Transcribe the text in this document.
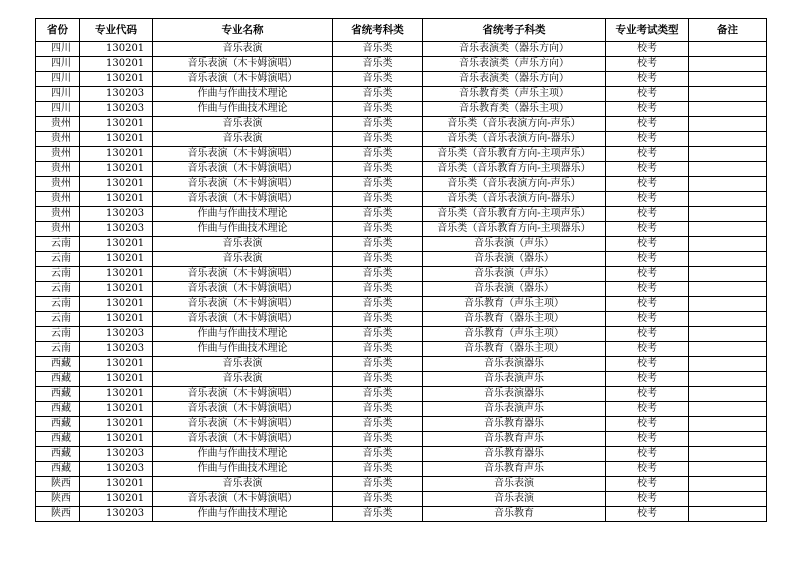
省份	专业代码	专业名称	省统考科类	省统考子科类	专业考试类型	备注
四川	130201	音乐表演	音乐类	音乐表演类（器乐方向）	校考	
四川	130201	音乐表演（木卡姆演唱）	音乐类	音乐表演类（声乐方向）	校考	
四川	130201	音乐表演（木卡姆演唱）	音乐类	音乐表演类（器乐方向）	校考	
四川	130203	作曲与作曲技术理论	音乐类	音乐教育类（声乐主项）	校考	
四川	130203	作曲与作曲技术理论	音乐类	音乐教育类（器乐主项）	校考	
贵州	130201	音乐表演	音乐类	音乐类（音乐表演方向-声乐）	校考	
贵州	130201	音乐表演	音乐类	音乐类（音乐表演方向-器乐）	校考	
贵州	130201	音乐表演（木卡姆演唱）	音乐类	音乐类（音乐教育方向-主项声乐）	校考	
贵州	130201	音乐表演（木卡姆演唱）	音乐类	音乐类（音乐教育方向-主项器乐）	校考	
贵州	130201	音乐表演（木卡姆演唱）	音乐类	音乐类（音乐表演方向-声乐）	校考	
贵州	130201	音乐表演（木卡姆演唱）	音乐类	音乐类（音乐表演方向-器乐）	校考	
贵州	130203	作曲与作曲技术理论	音乐类	音乐类（音乐教育方向-主项声乐）	校考	
贵州	130203	作曲与作曲技术理论	音乐类	音乐类（音乐教育方向-主项器乐）	校考	
云南	130201	音乐表演	音乐类	音乐表演（声乐）	校考	
云南	130201	音乐表演	音乐类	音乐表演（器乐）	校考	
云南	130201	音乐表演（木卡姆演唱）	音乐类	音乐表演（声乐）	校考	
云南	130201	音乐表演（木卡姆演唱）	音乐类	音乐表演（器乐）	校考	
云南	130201	音乐表演（木卡姆演唱）	音乐类	音乐教育（声乐主项）	校考	
云南	130201	音乐表演（木卡姆演唱）	音乐类	音乐教育（器乐主项）	校考	
云南	130203	作曲与作曲技术理论	音乐类	音乐教育（声乐主项）	校考	
云南	130203	作曲与作曲技术理论	音乐类	音乐教育（器乐主项）	校考	
西藏	130201	音乐表演	音乐类	音乐表演器乐	校考	
西藏	130201	音乐表演	音乐类	音乐表演声乐	校考	
西藏	130201	音乐表演（木卡姆演唱）	音乐类	音乐表演器乐	校考	
西藏	130201	音乐表演（木卡姆演唱）	音乐类	音乐表演声乐	校考	
西藏	130201	音乐表演（木卡姆演唱）	音乐类	音乐教育器乐	校考	
西藏	130201	音乐表演（木卡姆演唱）	音乐类	音乐教育声乐	校考	
西藏	130203	作曲与作曲技术理论	音乐类	音乐教育器乐	校考	
西藏	130203	作曲与作曲技术理论	音乐类	音乐教育声乐	校考	
陕西	130201	音乐表演	音乐类	音乐表演	校考	
陕西	130201	音乐表演（木卡姆演唱）	音乐类	音乐表演	校考	
陕西	130203	作曲与作曲技术理论	音乐类	音乐教育	校考	
